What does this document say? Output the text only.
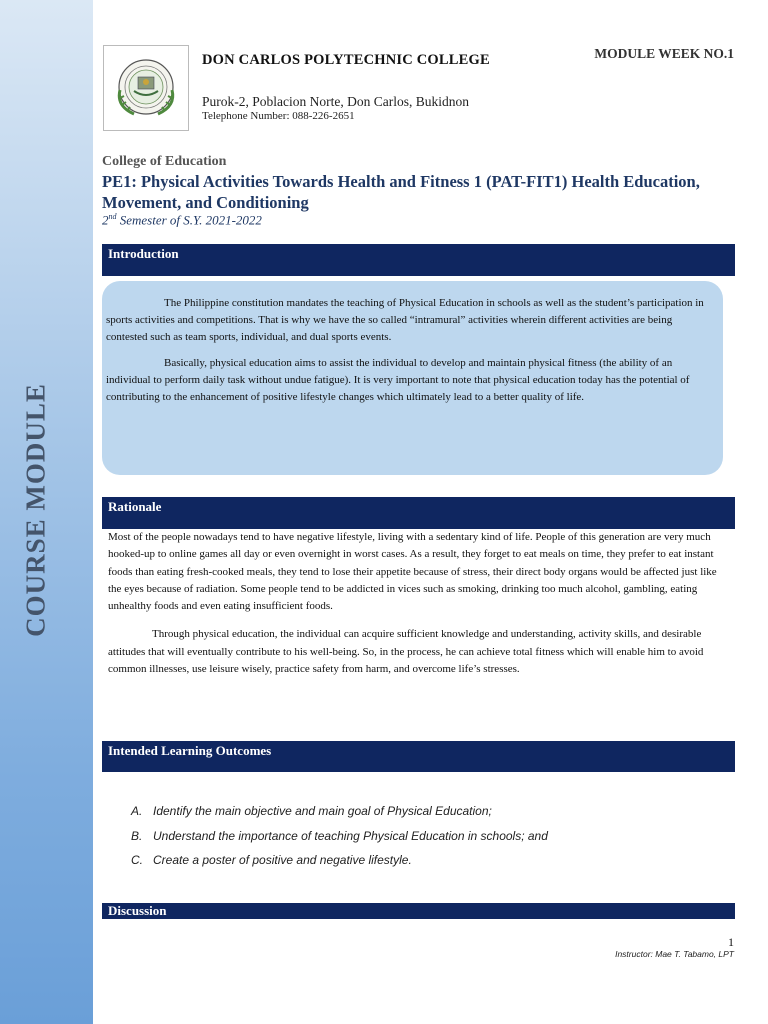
COURSE MODULE
DON CARLOS POLYTECHNIC COLLEGE	MODULE WEEK NO.1
Purok-2, Poblacion Norte, Don Carlos, Bukidnon
Telephone Number: 088-226-2651
College of Education
PE1: Physical Activities Towards Health and Fitness 1 (PAT-FIT1) Health Education, Movement, and Conditioning
2nd Semester of S.Y. 2021-2022
Introduction

The Philippine constitution mandates the teaching of Physical Education in schools as well as the student’s participation in sports activities and competitions. That is why we have the so called “intramural” activities wherein different activities are being contested such as team sports, individual, and dual sports events.

Basically, physical education aims to assist the individual to develop and maintain physical fitness (the ability of an individual to perform daily task without undue fatigue). It is very important to note that physical education today has the potential of contributing to the enhancement of positive lifestyle changes which ultimately lead to a better quality of life.

Rationale

Most of the people nowadays tend to have negative lifestyle, living with a sedentary kind of life. People of this generation are very much hooked-up to online games all day or even overnight in worst cases. As a result, they forget to eat meals on time, they prefer to eat instant foods than eating fresh-cooked meals, they tend to lose their appetite because of stress, their direct body organs would be affected just like the eyes because of radiation. Some people tend to be addicted in vices such as smoking, drinking too much alcohol, gambling, eating unhealthy foods and even eating insufficient foods.

Through physical education, the individual can acquire sufficient knowledge and understanding, activity skills, and desirable attitudes that will eventually contribute to his well-being. So, in the process, he can achieve total fitness which will enable him to avoid common illnesses, use leisure wisely, practice safety from harm, and overcome life’s stresses.

Intended Learning Outcomes
A. Identify the main objective and main goal of Physical Education;
B. Understand the importance of teaching Physical Education in schools; and
C. Create a poster of positive and negative lifestyle.
Discussion
1
Instructor: Mae T. Tabamo, LPT
